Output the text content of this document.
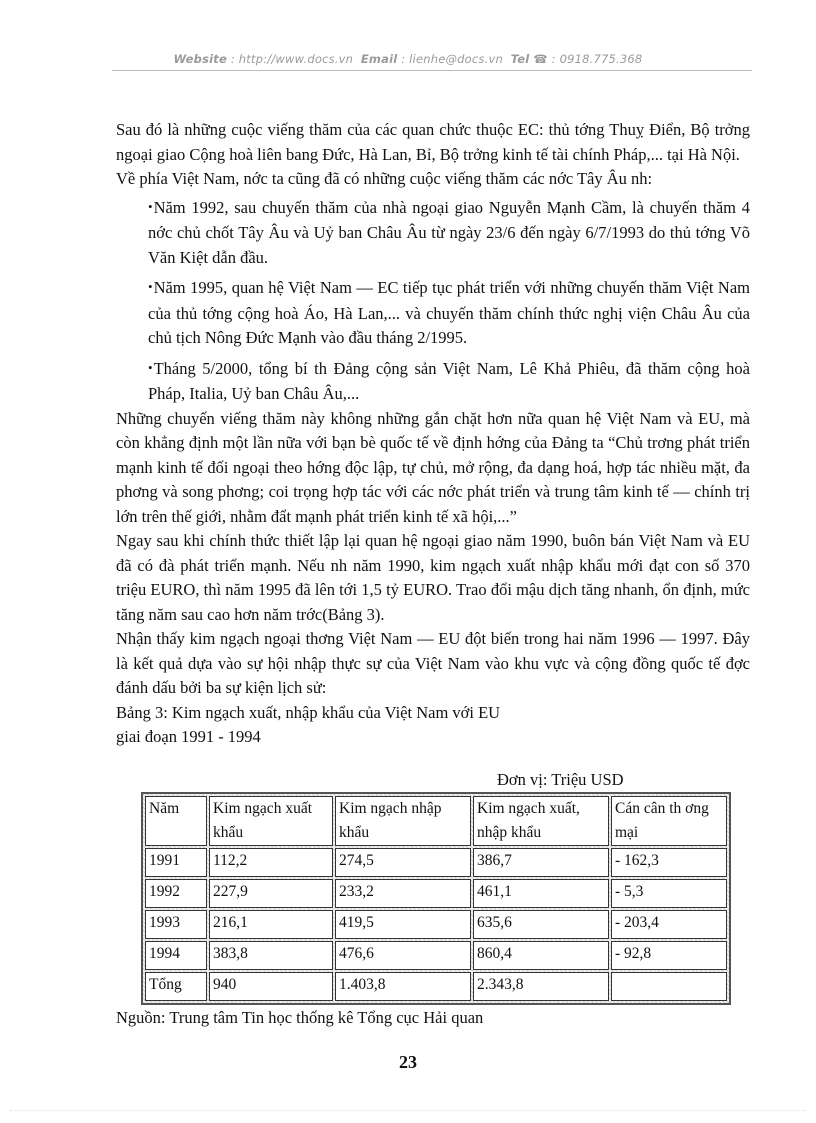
Website : http://www.docs.vn Email : lienhe@docs.vn Tel ☎ : 0918.775.368

Sau đó là những cuộc viếng thăm của các quan chức thuộc EC: thủ tớng Thuỵ Điển, Bộ trởng ngoại giao Cộng hoà liên bang Đức, Hà Lan, Bỉ, Bộ trởng kinh tế tài chính Pháp,... tại Hà Nội.

Về phía Việt Nam, nớc ta cũng đã có những cuộc viếng thăm các nớc Tây Âu nh:

• Năm 1992, sau chuyến thăm của nhà ngoại giao Nguyễn Mạnh Cầm, là chuyến thăm 4 nớc chủ chốt Tây Âu và Uỷ ban Châu Âu từ ngày 23/6 đến ngày 6/7/1993 do thủ tớng Võ Văn Kiệt dẫn đầu.

• Năm 1995, quan hệ Việt Nam — EC tiếp tục phát triển với những chuyến thăm Việt Nam của thủ tớng cộng hoà Áo, Hà Lan,... và chuyến thăm chính thức nghị viện Châu Âu của chủ tịch Nông Đức Mạnh vào đầu tháng 2/1995.

• Tháng 5/2000, tổng bí th Đảng cộng sản Việt Nam, Lê Khả Phiêu, đã thăm cộng hoà Pháp, Italia, Uỷ ban Châu Âu,...

Những chuyến viếng thăm này không những gắn chặt hơn nữa quan hệ Việt Nam và EU, mà còn khẳng định một lần nữa với bạn bè quốc tế về định hớng của Đảng ta “Chủ trơng phát triển mạnh kinh tế đối ngoại theo hớng độc lập, tự chủ, mở rộng, đa dạng hoá, hợp tác nhiều mặt, đa phơng và song phơng; coi trọng hợp tác với các nớc phát triển và trung tâm kinh tế — chính trị lớn trên thế giới, nhằm đẩt mạnh phát triển kinh tế xã hội,...”

Ngay sau khi chính thức thiết lập lại quan hệ ngoại giao năm 1990, buôn bán Việt Nam và EU đã có đà phát triển mạnh. Nếu nh năm 1990, kim ngạch xuất nhập khẩu mới đạt con số 370 triệu EURO, thì năm 1995 đã lên tới 1,5 tỷ EURO. Trao đổi mậu dịch tăng nhanh, ổn định, mức tăng năm sau cao hơn năm trớc(Bảng 3).

Nhận thấy kim ngạch ngoại thơng Việt Nam — EU đột biến trong hai năm 1996 — 1997. Đây là kết quả dựa vào sự hội nhập thực sự của Việt Nam vào khu vực và cộng đồng quốc tế đợc đánh dấu bởi ba sự kiện lịch sử:

Bảng 3: Kim ngạch xuất, nhập khẩu của Việt Nam với EU

giai đoạn 1991 - 1994

Đơn vị: Triệu USD
Năm	Kim ngạch xuất khẩu	Kim ngạch nhập khẩu	Kim ngạch xuất, nhập khẩu	Cán cân th ơng mại
1991	112,2	274,5	386,7	- 162,3
1992	227,9	233,2	461,1	- 5,3
1993	216,1	419,5	635,6	- 203,4
1994	383,8	476,6	860,4	- 92,8
Tổng	940	1.403,8	2.343,8	
Nguồn: Trung tâm Tin học thống kê Tổng cục Hải quan
23
